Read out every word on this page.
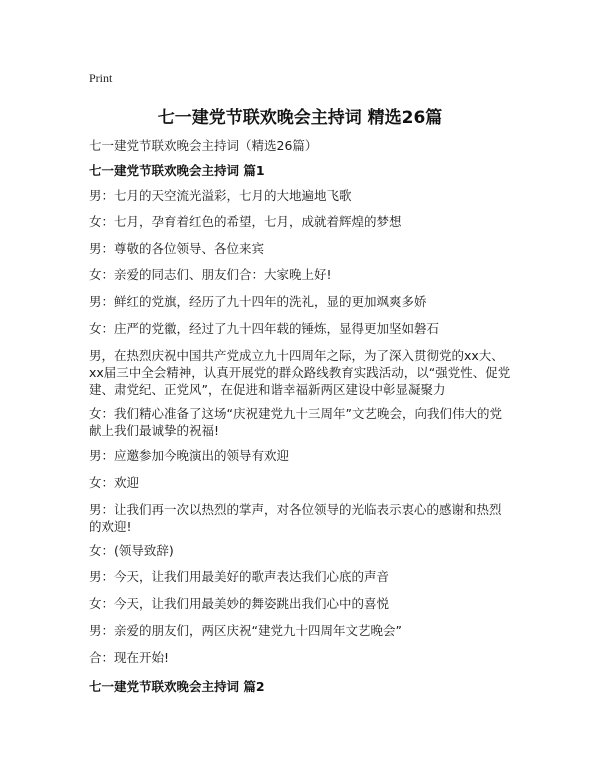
Print
七一建党节联欢晚会主持词 精选26篇

七一建党节联欢晚会主持词（精选26篇）

七一建党节联欢晚会主持词 篇1

男：七月的天空流光溢彩，七月的大地遍地飞歌

女：七月，孕育着红色的希望，七月，成就着辉煌的梦想

男：尊敬的各位领导、各位来宾

女：亲爱的同志们、朋友们合：大家晚上好!

男：鲜红的党旗，经历了九十四年的洗礼，显的更加飒爽多娇

女：庄严的党徽，经过了九十四年载的锤炼，显得更加坚如磐石

男，在热烈庆祝中国共产党成立九十四周年之际，为了深入贯彻党的xx大、xx届三中全会精神，认真开展党的群众路线教育实践活动，以“强党性、促党建、肃党纪、正党风”，在促进和谐幸福新两区建设中彰显凝聚力

女：我们精心准备了这场“庆祝建党九十三周年”文艺晚会，向我们伟大的党献上我们最诚挚的祝福!

男：应邀参加今晚演出的领导有欢迎

女：欢迎

男：让我们再一次以热烈的掌声，对各位领导的光临表示衷心的感谢和热烈的欢迎!

女：(领导致辞)

男：今天，让我们用最美好的歌声表达我们心底的声音

女：今天，让我们用最美妙的舞姿跳出我们心中的喜悦

男：亲爱的朋友们，两区庆祝“建党九十四周年文艺晚会”

合：现在开始!

七一建党节联欢晚会主持词 篇2
